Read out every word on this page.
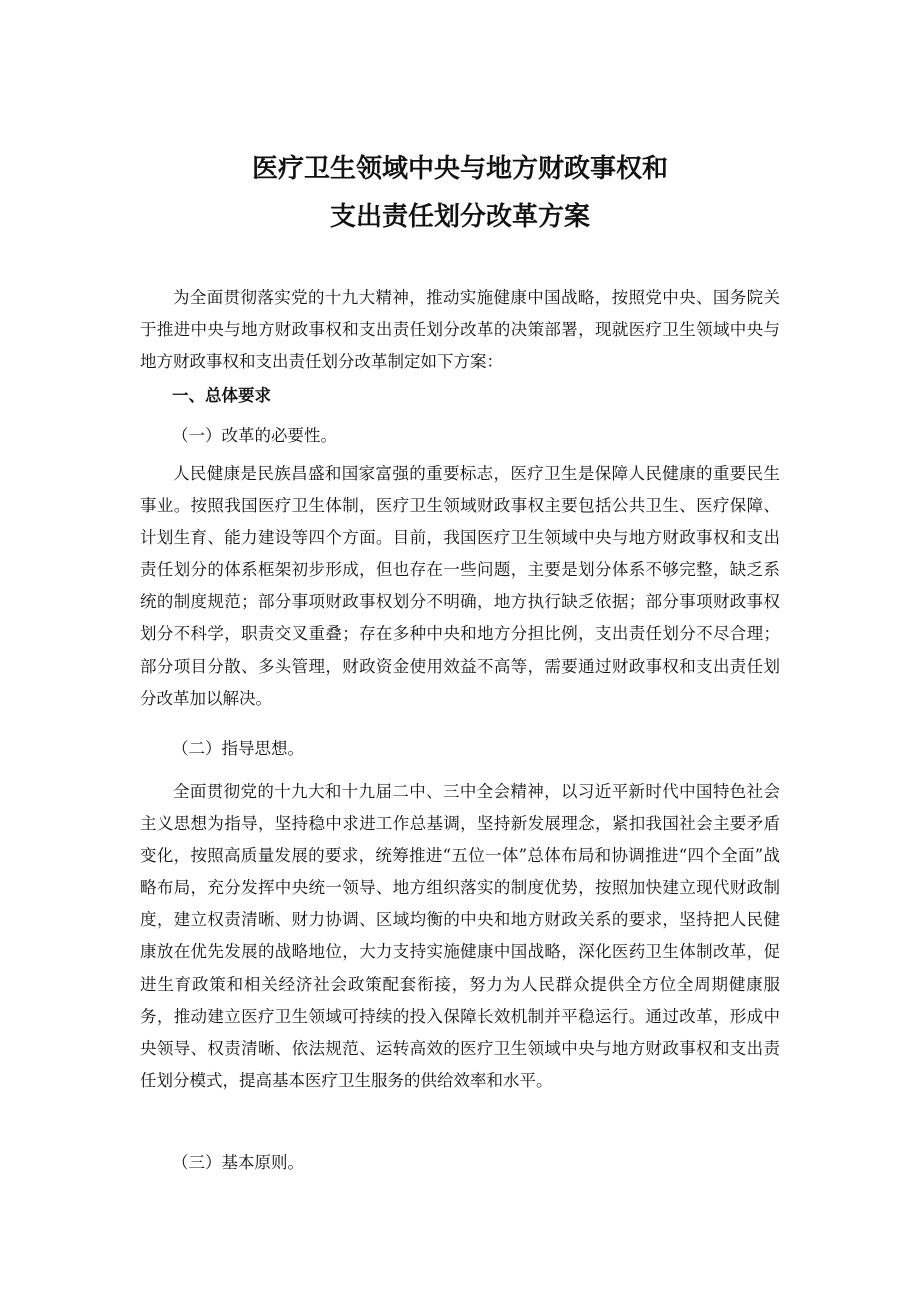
医疗卫生领域中央与地方财政事权和
支出责任划分改革方案

为全面贯彻落实党的十九大精神，推动实施健康中国战略，按照党中央、国务院关于推进中央与地方财政事权和支出责任划分改革的决策部署，现就医疗卫生领域中央与地方财政事权和支出责任划分改革制定如下方案：

一、总体要求
（一）改革的必要性。

人民健康是民族昌盛和国家富强的重要标志，医疗卫生是保障人民健康的重要民生事业。按照我国医疗卫生体制，医疗卫生领域财政事权主要包括公共卫生、医疗保障、计划生育、能力建设等四个方面。目前，我国医疗卫生领域中央与地方财政事权和支出责任划分的体系框架初步形成，但也存在一些问题，主要是划分体系不够完整，缺乏系统的制度规范；部分事项财政事权划分不明确，地方执行缺乏依据；部分事项财政事权划分不科学，职责交叉重叠；存在多种中央和地方分担比例，支出责任划分不尽合理；部分项目分散、多头管理，财政资金使用效益不高等，需要通过财政事权和支出责任划分改革加以解决。

（二）指导思想。

全面贯彻党的十九大和十九届二中、三中全会精神，以习近平新时代中国特色社会主义思想为指导，坚持稳中求进工作总基调，坚持新发展理念，紧扣我国社会主要矛盾变化，按照高质量发展的要求，统筹推进“五位一体”总体布局和协调推进“四个全面”战略布局，充分发挥中央统一领导、地方组织落实的制度优势，按照加快建立现代财政制度，建立权责清晰、财力协调、区域均衡的中央和地方财政关系的要求，坚持把人民健康放在优先发展的战略地位，大力支持实施健康中国战略，深化医药卫生体制改革，促进生育政策和相关经济社会政策配套衔接，努力为人民群众提供全方位全周期健康服务，推动建立医疗卫生领域可持续的投入保障长效机制并平稳运行。通过改革，形成中央领导、权责清晰、依法规范、运转高效的医疗卫生领域中央与地方财政事权和支出责任划分模式，提高基本医疗卫生服务的供给效率和水平。

（三）基本原则。
